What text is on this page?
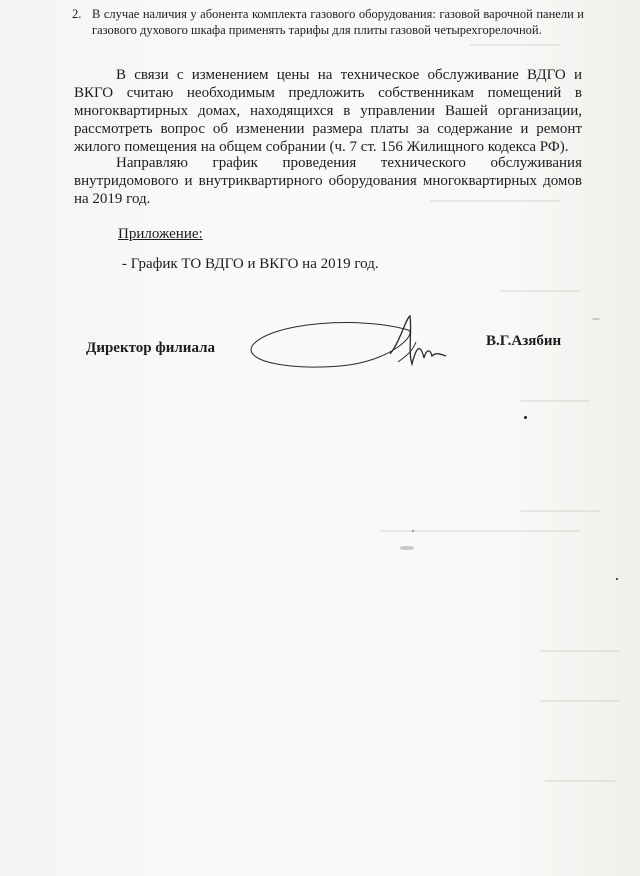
2. В случае наличия у абонента комплекта газового оборудования: газовой варочной панели и газового духового шкафа применять тарифы для плиты газовой четырехгорелочной.
В связи с изменением цены на техническое обслуживание ВДГО и ВКГО считаю необходимым предложить собственникам помещений в многоквартирных домах, находящихся в управлении Вашей организации, рассмотреть вопрос об изменении размера платы за содержание и ремонт жилого помещения на общем собрании (ч. 7 ст. 156 Жилищного кодекса РФ).
Направляю график проведения технического обслуживания внутридомового и внутриквартирного оборудования многоквартирных домов на 2019 год.
Приложение:
- График ТО ВДГО и ВКГО на 2019 год.
Директор филиала	В.Г.Азябин
